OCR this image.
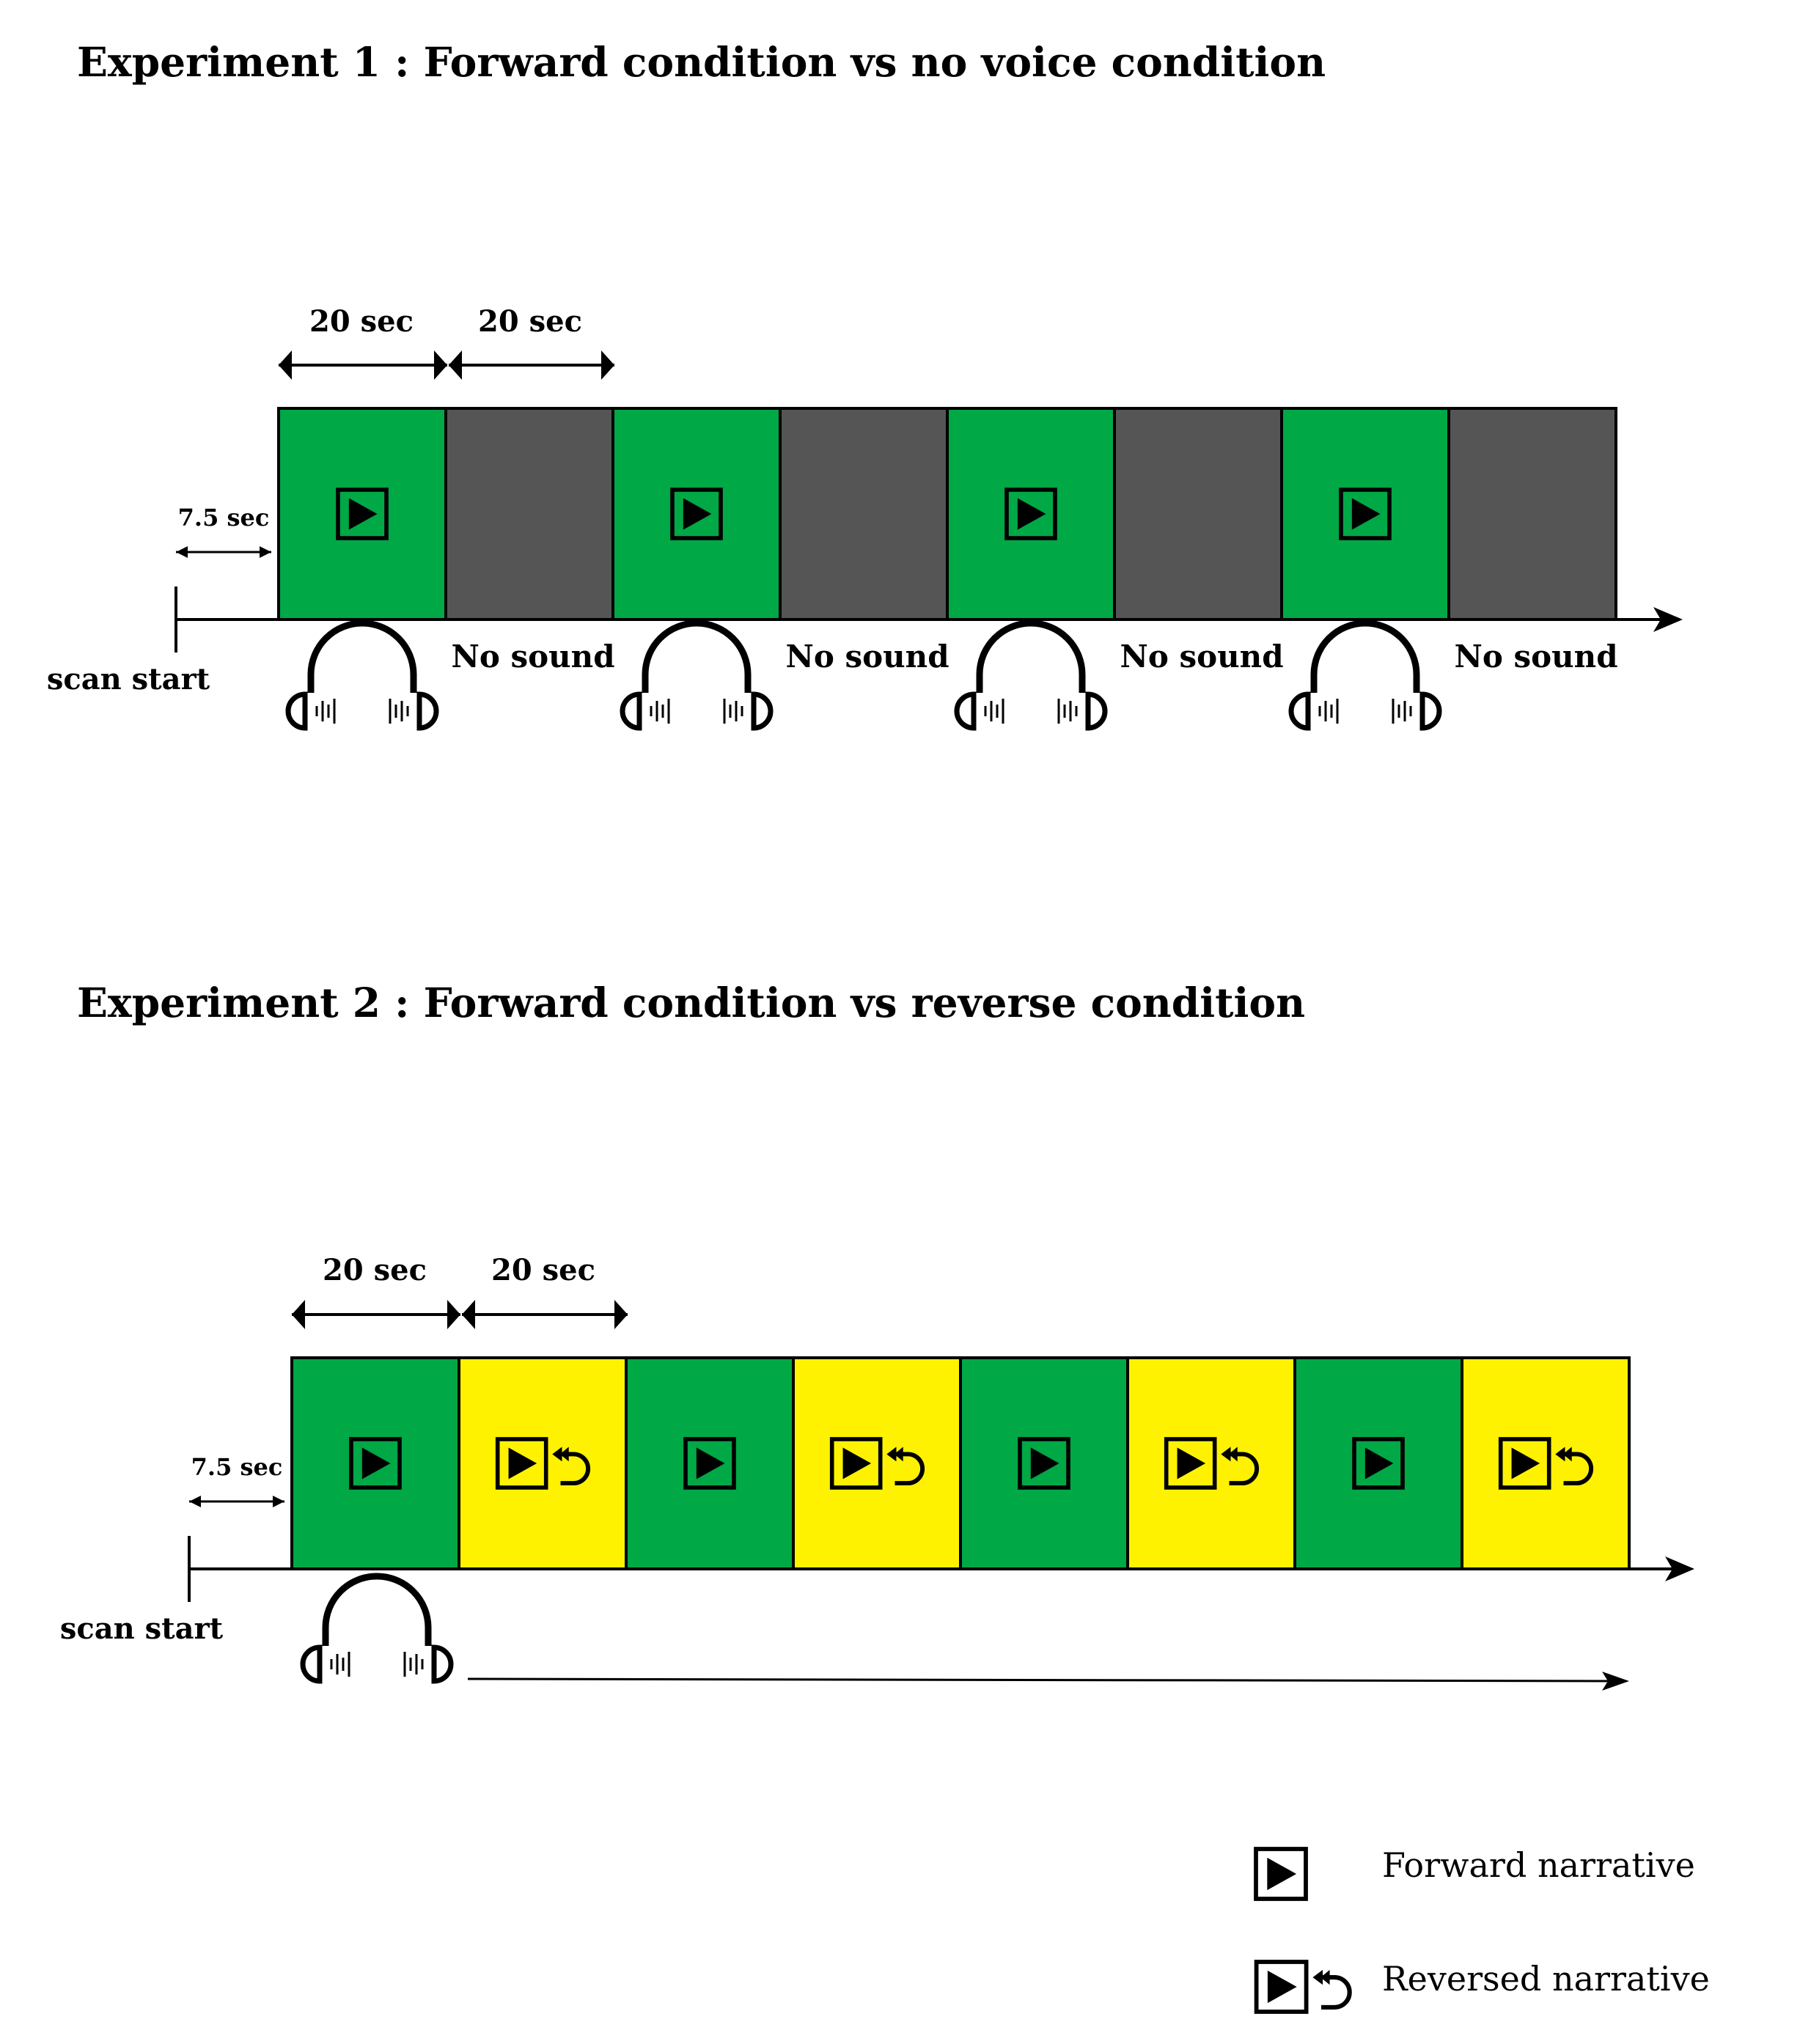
Experiment 1 : Forward condition vs no voice condition
Experiment 2 : Forward condition vs reverse condition
20 sec 20 sec
7.5 sec
scan start
No sound	No sound	No sound	No sound
20 sec 20 sec
7.5 sec
scan start
Forward narrative
Reversed narrative
